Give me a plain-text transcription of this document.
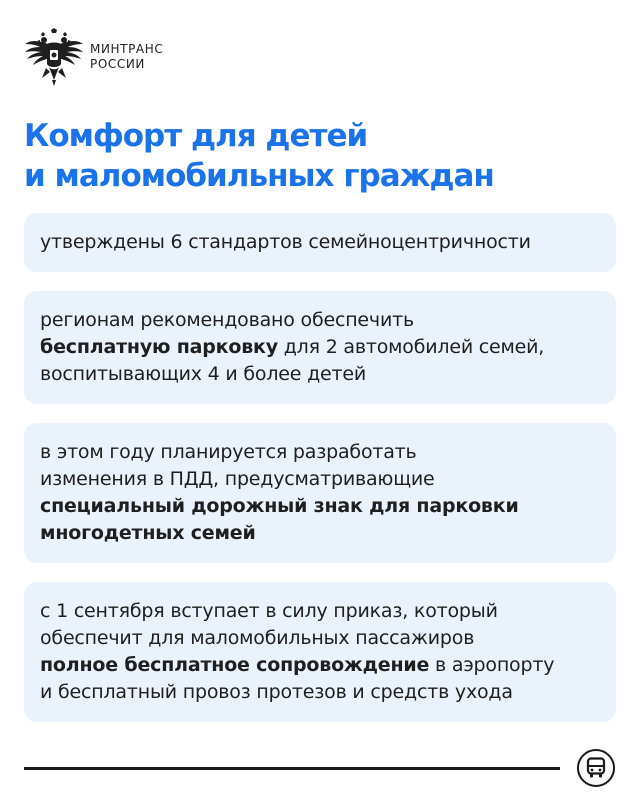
МИНТРАНС
РОССИИ
Комфорт для детей
и маломобильных граждан
утверждены 6 стандартов семейноцентричности
регионам рекомендовано обеспечить
бесплатную парковку для 2 автомобилей семей,
воспитывающих 4 и более детей
в этом году планируется разработать
изменения в ПДД, предусматривающие
специальный дорожный знак для парковки
многодетных семей
с 1 сентября вступает в силу приказ, который
обеспечит для маломобильных пассажиров
полное бесплатное сопровождение в аэропорту
и бесплатный провоз протезов и средств ухода
